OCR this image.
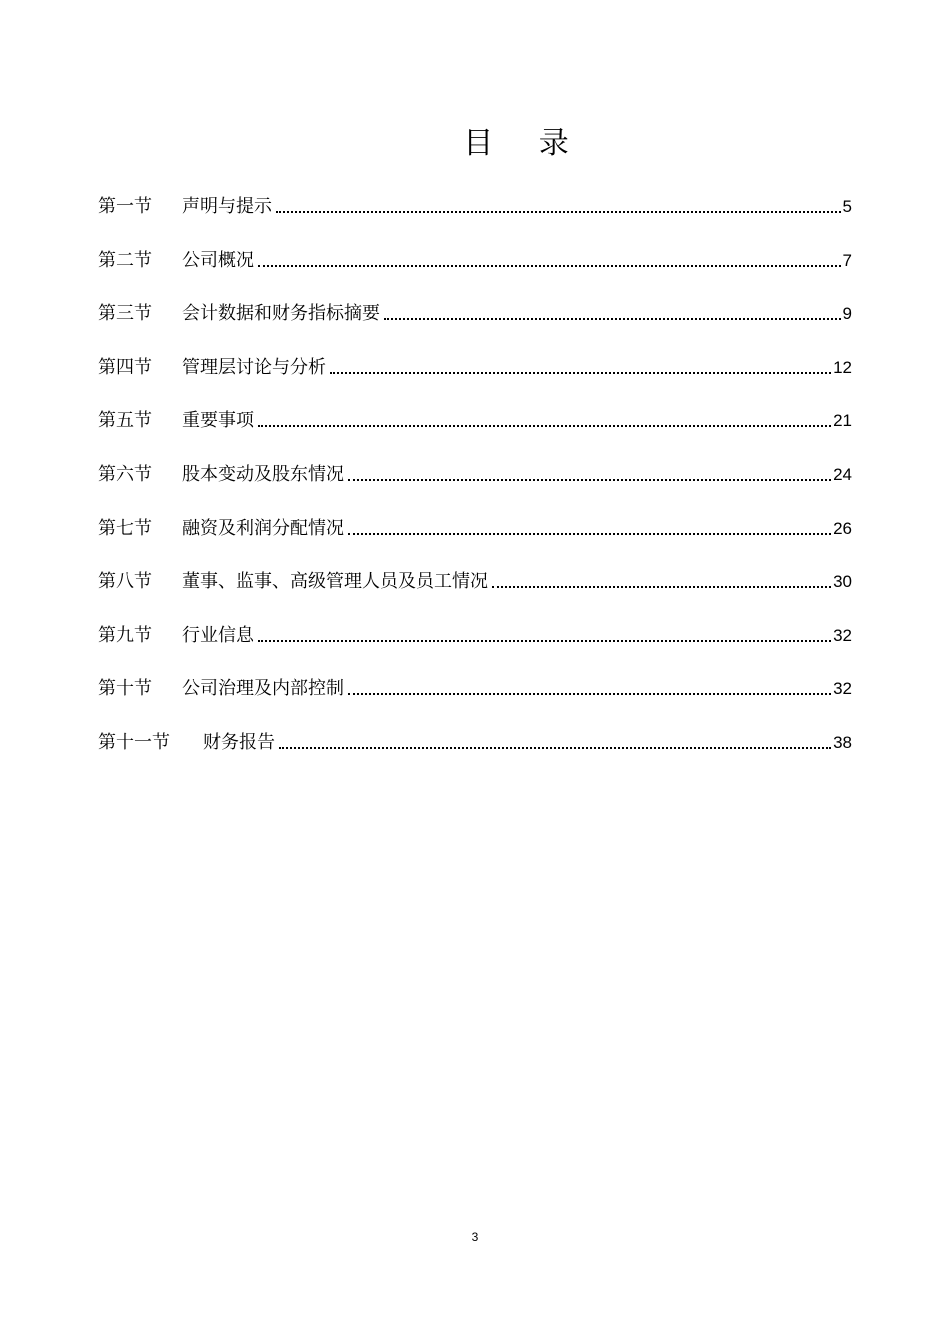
目 录
第一节	声明与提示	5
第二节	公司概况	7
第三节	会计数据和财务指标摘要	9
第四节	管理层讨论与分析	12
第五节	重要事项	21
第六节	股本变动及股东情况	24
第七节	融资及利润分配情况	26
第八节	董事、监事、高级管理人员及员工情况	30
第九节	行业信息	32
第十节	公司治理及内部控制	32
第十一节	财务报告	38
3
